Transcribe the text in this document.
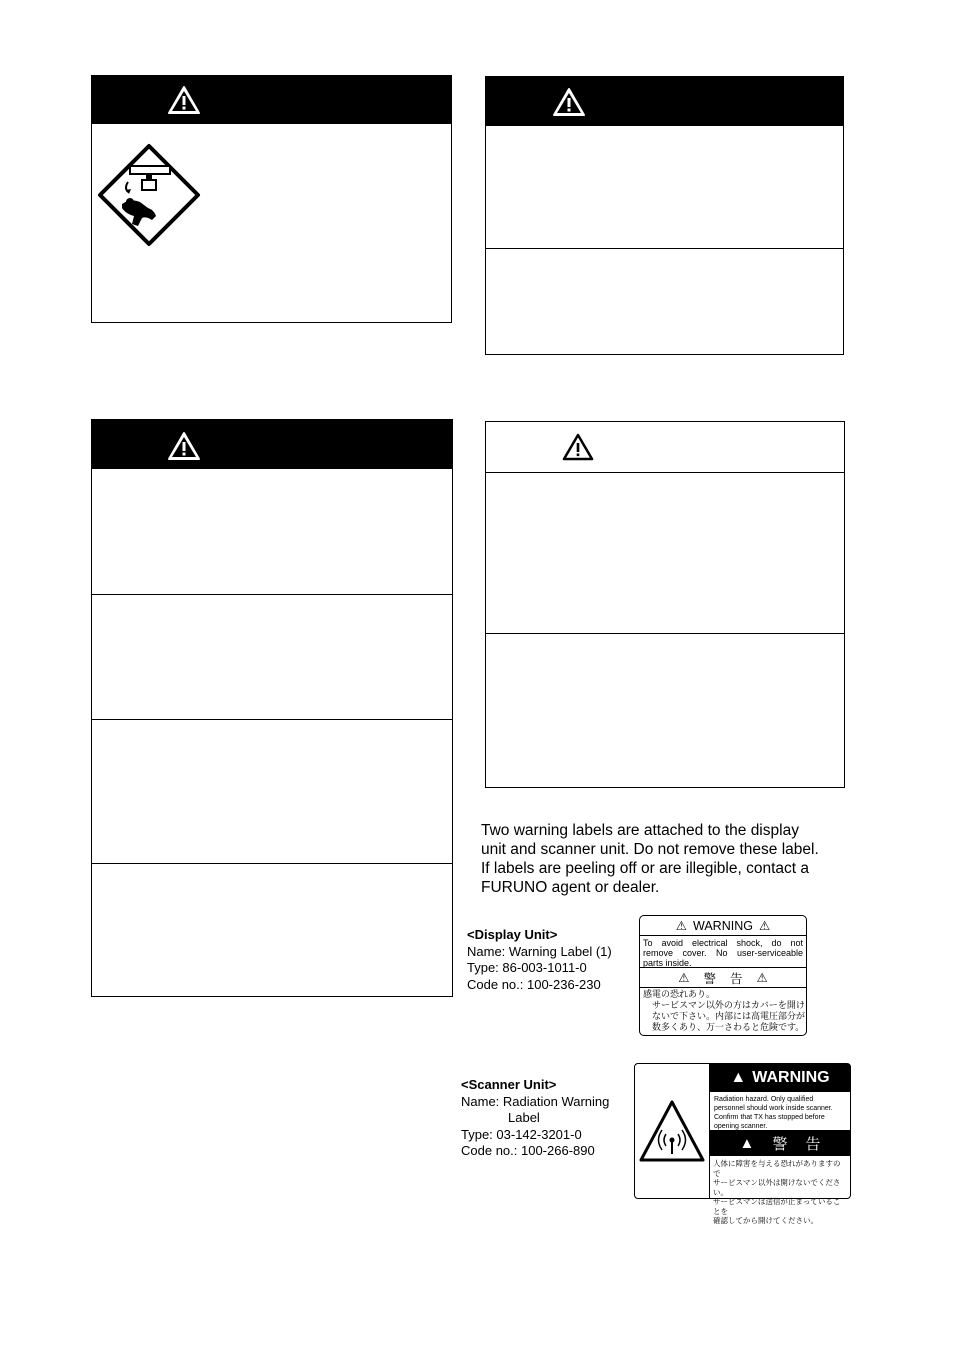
Two warning labels are attached to the display
unit and scanner unit. Do not remove these label.
If labels are peeling off or are illegible, contact a
FURUNO agent or dealer.
<Display Unit>
Name: Warning Label (1)
Type: 86-003-1011-0
Code no.: 100-236-230
⚠ WARNING ⚠
To avoid electrical shock, do not remove cover. No user-serviceable parts inside.
⚠ 警 告 ⚠
感電の恐れあり。
　サービスマン以外の方はカバーを開け
　ないで下さい。内部には高電圧部分が
　数多くあり、万一さわると危険です。
<Scanner Unit>
Name: Radiation Warning
Label
Type: 03-142-3201-0
Code no.: 100-266-890
▲ WARNING
Radiation hazard. Only qualified
personnel should work inside scanner.
Confirm that TX has stopped before
opening scanner.
▲ 警 告
人体に障害を与える恐れがありますので
サービスマン以外は開けないでください。
サービスマンは送信が止まっていることを
確認してから開けてください。
